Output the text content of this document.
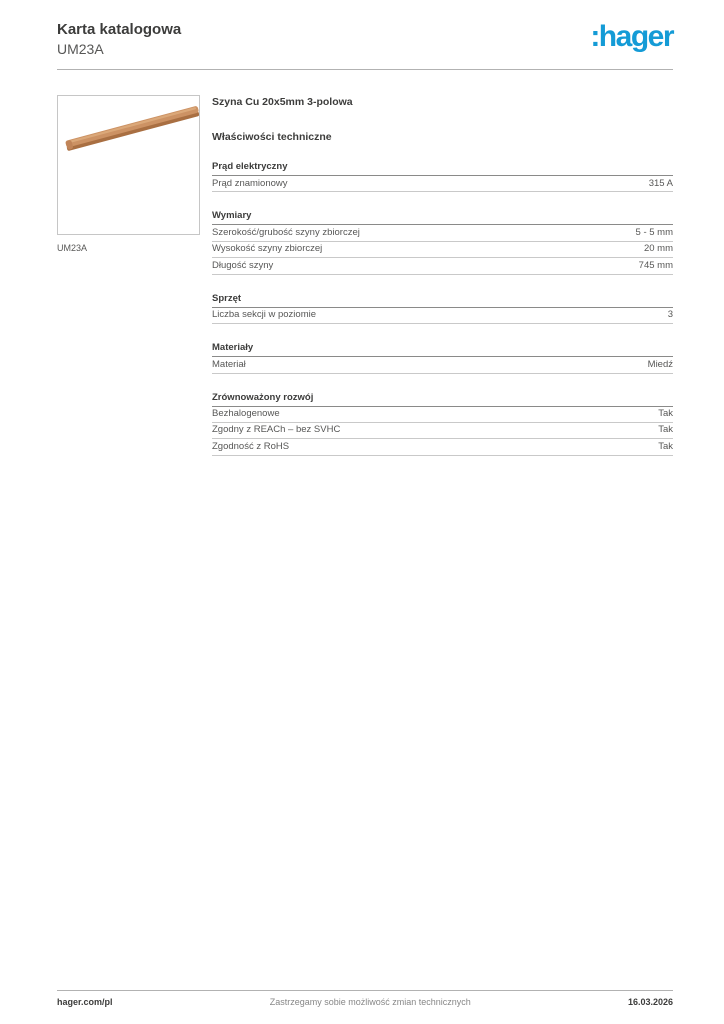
Karta katalogowa
UM23A	:hager
UM23A
Szyna Cu 20x5mm 3-polowa
Właściwości techniczne
Prąd elektryczny
Prąd znamionowy	315 A
Wymiary
Szerokość/grubość szyny zbiorczej	5 - 5 mm
Wysokość szyny zbiorczej	20 mm
Długość szyny	745 mm
Sprzęt
Liczba sekcji w poziomie	3
Materiały
Materiał	Miedź
Zrównoważony rozwój
Bezhalogenowe	Tak
Zgodny z REACh – bez SVHC	Tak
Zgodność z RoHS	Tak
hager.com/pl	Zastrzegamy sobie możliwość zmian technicznych	16.03.2026
